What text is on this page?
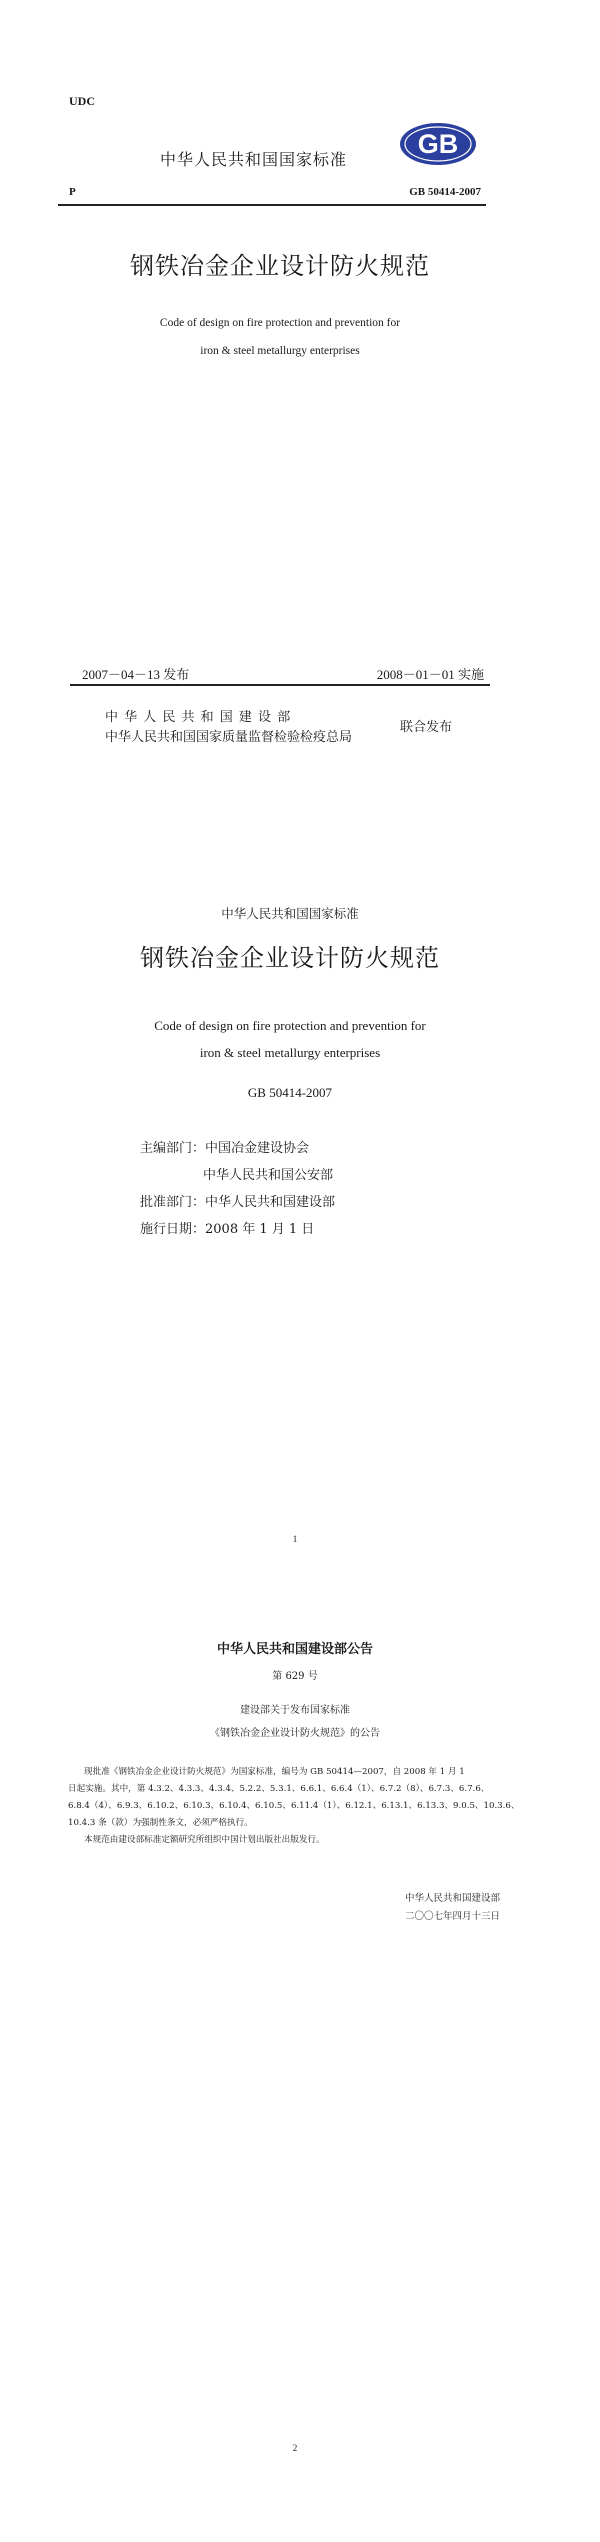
UDC
中华人民共和国国家标准
GB
P	GB 50414-2007
钢铁冶金企业设计防火规范
Code of design on fire protection and prevention for
iron & steel metallurgy enterprises
2007－04－13 发布	2008－01－01 实施
中 华 人 民 共 和 国 建 设 部
中华人民共和国国家质量监督检验检疫总局
联合发布
中华人民共和国国家标准
钢铁冶金企业设计防火规范
Code of design on fire protection and prevention for
iron & steel metallurgy enterprises
GB 50414-2007
主编部门：中国冶金建设协会
中华人民共和国公安部
批准部门：中华人民共和国建设部
施行日期：2008 年 1 月 1 日
1
中华人民共和国建设部公告
第 629 号
建设部关于发布国家标准
《钢铁冶金企业设计防火规范》的公告
现批准《钢铁冶金企业设计防火规范》为国家标准，编号为 GB 50414—2007，自 2008 年 1 月 1
日起实施。其中，第 4.3.2、4.3.3、4.3.4、5.2.2、5.3.1、6.6.1、6.6.4（1）、6.7.2（8）、6.7.3、6.7.6、
6.8.4（4）、6.9.3、6.10.2、6.10.3、6.10.4、6.10.5、6.11.4（1）、6.12.1、6.13.1、6.13.3、9.0.5、10.3.6、
10.4.3 条（款）为强制性条文，必须严格执行。
本规范由建设部标准定额研究所组织中国计划出版社出版发行。
中华人民共和国建设部
二〇〇七年四月十三日
2
